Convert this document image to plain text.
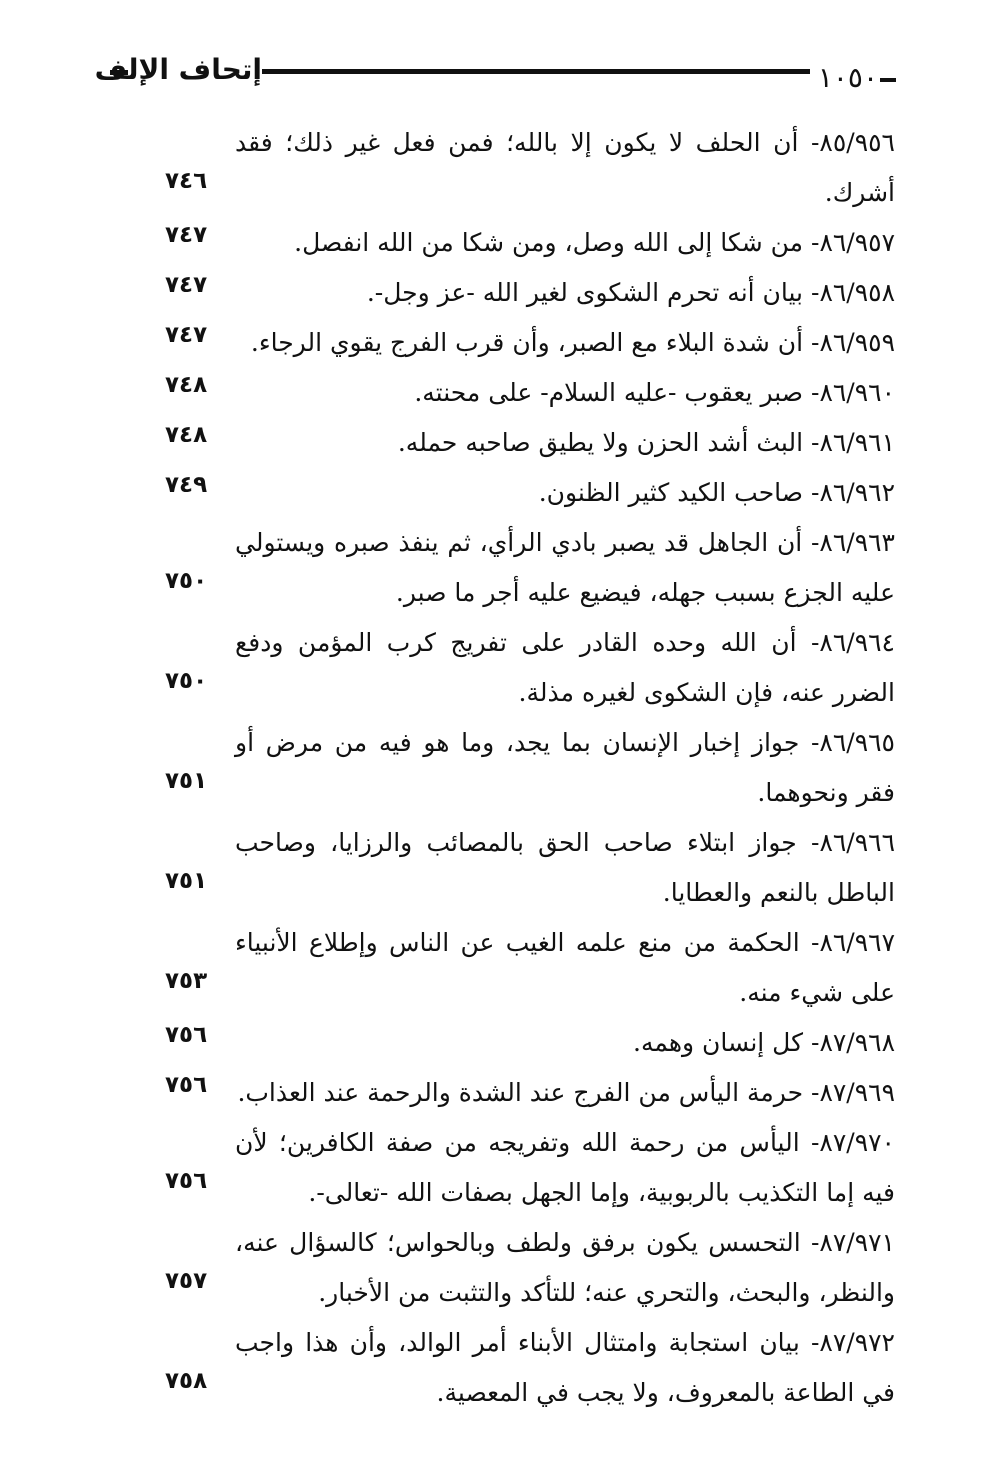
إتحاف الإلف	١٠٥٠
٨٥/٩٥٦- أن الحلف لا يكون إلا بالله؛ فمن فعل غير ذلك؛ فقد أشرك.
٧٤٦
٨٦/٩٥٧- من شكا إلى الله وصل، ومن شكا من الله انفصل.
٧٤٧
٨٦/٩٥٨- بيان أنه تحرم الشكوى لغير الله -عز وجل-.
٧٤٧
٨٦/٩٥٩- أن شدة البلاء مع الصبر، وأن قرب الفرج يقوي الرجاء.
٧٤٧
٨٦/٩٦٠- صبر يعقوب -عليه السلام- على محنته.
٧٤٨
٨٦/٩٦١- البث أشد الحزن ولا يطيق صاحبه حمله.
٧٤٨
٨٦/٩٦٢- صاحب الكيد كثير الظنون.
٧٤٩
٨٦/٩٦٣- أن الجاهل قد يصبر بادي الرأي، ثم ينفذ صبره ويستولي عليه الجزع بسبب جهله، فيضيع عليه أجر ما صبر.
٧٥٠
٨٦/٩٦٤- أن الله وحده القادر على تفريج كرب المؤمن ودفع الضرر عنه، فإن الشكوى لغيره مذلة.
٧٥٠
٨٦/٩٦٥- جواز إخبار الإنسان بما يجد، وما هو فيه من مرض أو فقر ونحوهما.
٧٥١
٨٦/٩٦٦- جواز ابتلاء صاحب الحق بالمصائب والرزايا، وصاحب الباطل بالنعم والعطايا.
٧٥١
٨٦/٩٦٧- الحكمة من منع علمه الغيب عن الناس وإطلاع الأنبياء على شيء منه.
٧٥٣
٨٧/٩٦٨- كل إنسان وهمه.
٧٥٦
٨٧/٩٦٩- حرمة اليأس من الفرج عند الشدة والرحمة عند العذاب.
٧٥٦
٨٧/٩٧٠- اليأس من رحمة الله وتفريجه من صفة الكافرين؛ لأن فيه إما التكذيب بالربوبية، وإما الجهل بصفات الله -تعالى-.
٧٥٦
٨٧/٩٧١- التحسس يكون برفق ولطف وبالحواس؛ كالسؤال عنه، والنظر، والبحث، والتحري عنه؛ للتأكد والتثبت من الأخبار.
٧٥٧
٨٧/٩٧٢- بيان استجابة وامتثال الأبناء أمر الوالد، وأن هذا واجب في الطاعة بالمعروف، ولا يجب في المعصية.
٧٥٨
